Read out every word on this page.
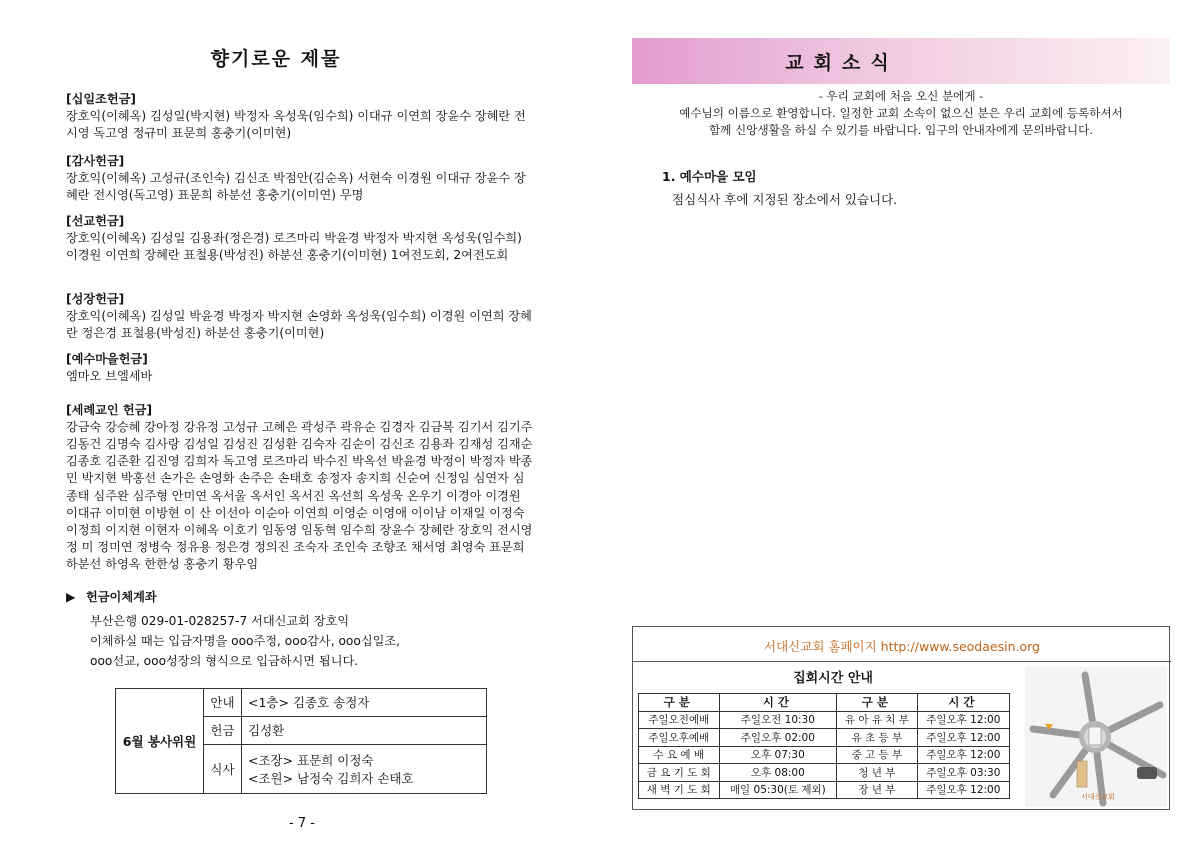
향기로운 제물
[십일조헌금]
장호익(이혜옥) 김성일(박지현) 박정자 옥성욱(임수희) 이대규 이연희 장윤수 장혜란 전시영 독고영 정규미 표문희 홍충기(이미현)
[감사헌금]
장호익(이혜옥) 고성규(조인숙) 김신조 박점안(김순옥) 서현숙 이경원 이대규 장윤수 장혜란 전시영(독고영) 표문희 하분선 홍충기(이미연) 무명
[선교헌금]
장호익(이혜옥) 김성일 김용좌(정은경) 로즈마리 박윤경 박정자 박지현 옥성욱(임수희) 이경원 이연희 장혜란 표철용(박성진) 하분선 홍충기(이미현) 1여전도회, 2여전도회
[성장헌금]
장호익(이혜옥) 김성일 박윤경 박정자 박지현 손영화 옥성욱(임수희) 이경원 이연희 장혜란 정은경 표철용(박성진) 하분선 홍충기(이미현)
[예수마을헌금]
엠마오 브엘세바
[세례교인 헌금]
강금숙 강승혜 강아정 강유정 고성규 고혜은 곽성주 곽유순 김경자 김금복 김기서 김기주 김동건 김명숙 김사랑 김성일 김성진 김성환 김숙자 김순이 김신조 김용좌 김재성 김재순 김종호 김준환 김진영 김희자 독고영 로즈마리 박수진 박옥선 박윤경 박정이 박정자 박종민 박지현 박홍선 손가은 손영화 손주은 손태호 송정자 송지희 신순여 신정임 심연자 심종태 심주완 심주형 안미연 옥서울 옥서인 옥서진 옥선희 옥성욱 온우기 이경아 이경원 이대규 이미현 이방현 이 산 이선아 이순아 이연희 이영순 이영애 이이남 이재일 이정숙 이정희 이지현 이현자 이혜옥 이호기 임동영 임동혁 임수희 장윤수 장혜란 장호익 전시영 정 미 정미연 정병숙 정유용 정은경 정의진 조숙자 조인숙 조향조 채서영 최영숙 표문희 하분선 하영옥 한한성 홍충기 황우임
▶ 헌금이체계좌
부산은행 029-01-028257-7 서대신교회 장호익
이체하실 때는 입금자명을 ooo주정, ooo감사, ooo십일조,
ooo선교, ooo성장의 형식으로 입금하시면 됩니다.
6월 봉사위원	안내	<1층> 김종호 송정자
	헌금	김성환
	식사	<조장> 표문희 이정숙
<조원> 남정숙 김희자 손태호
- 7 -
교회소식
- 우리 교회에 처음 오신 분에게 -
예수님의 이름으로 환영합니다. 일정한 교회 소속이 없으신 분은 우리 교회에 등록하셔서
함께 신앙생활을 하실 수 있기를 바랍니다. 입구의 안내자에게 문의바랍니다.
1. 예수마을 모임
점심식사 후에 지정된 장소에서 있습니다.
서대신교회 홈페이지 http://www.seodaesin.org
집회시간 안내
구분	시간	구분	시간
주일오전예배	주일오전 10:30	유 아 유 치 부	주일오후 12:00
주일오후예배	주일오후 02:00	유 초 등 부	주일오후 12:00
수 요 예 배	오후 07:30	중 고 등 부	주일오후 12:00
금 요 기 도 회	오후 08:00	청 년 부	주일오후 03:30
새 벽 기 도 회	매일 05:30(토 제외)	장 년 부	주일오후 12:00
서대신교회
